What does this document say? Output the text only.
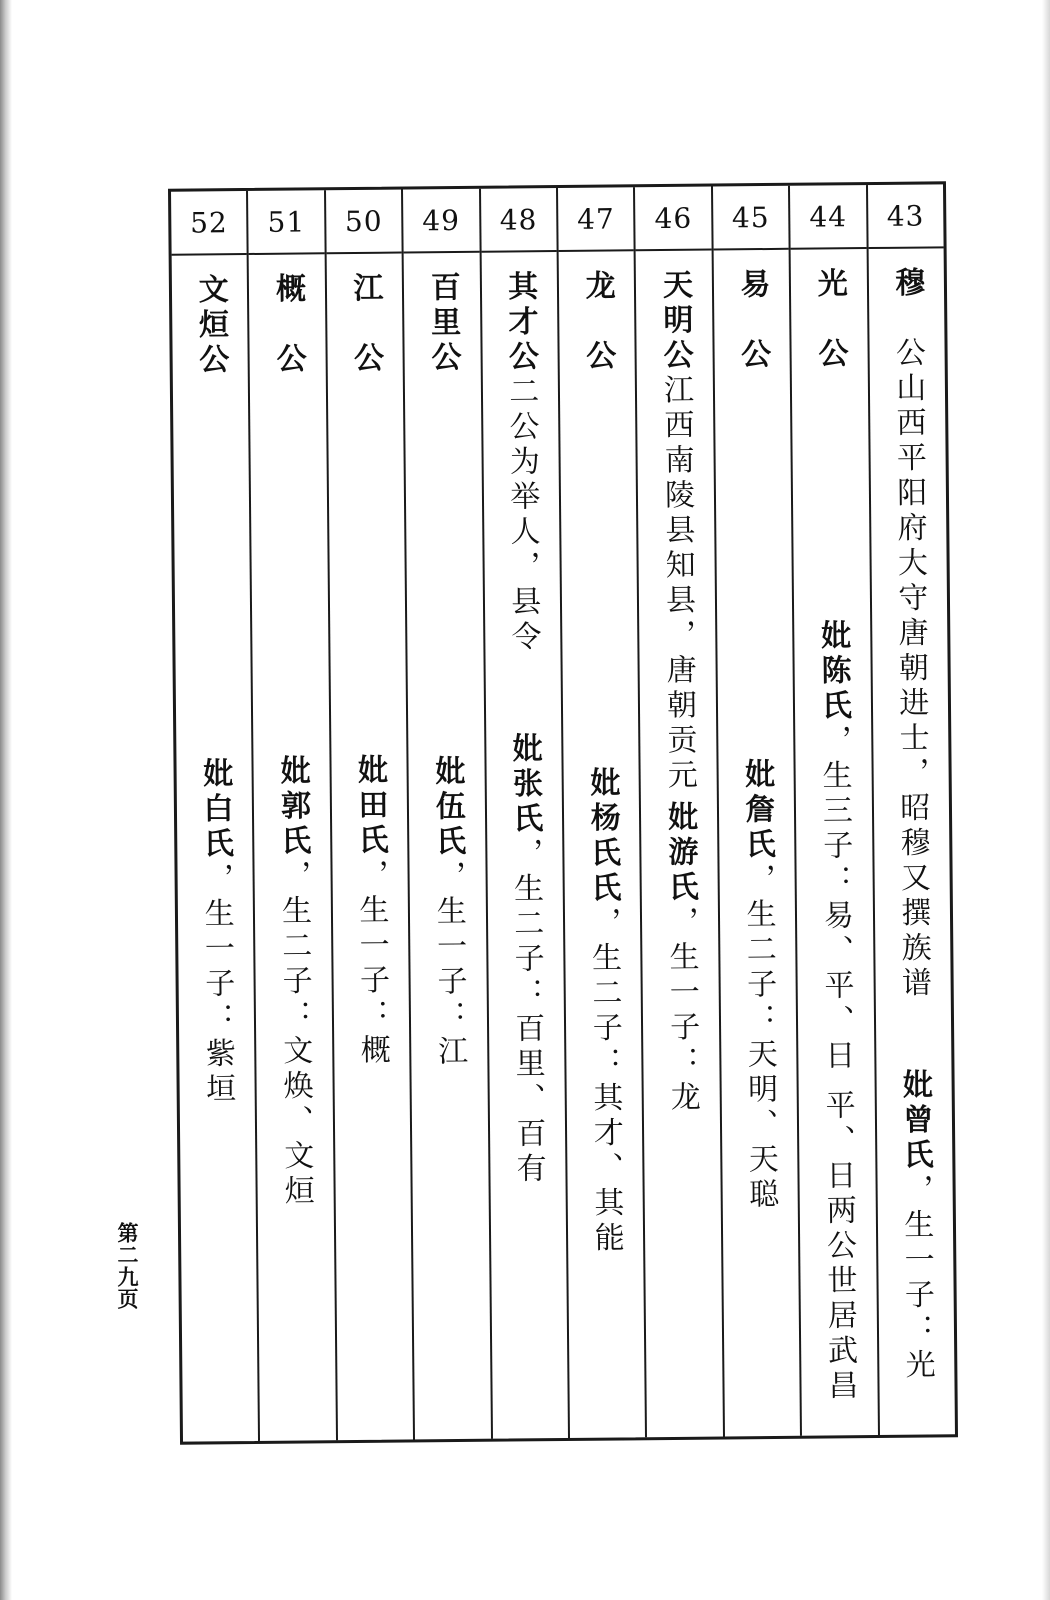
43
穆公山西平阳府大守唐朝进士，昭穆又撰族谱
妣曾氏，生一子：光
44
光公
妣陈氏，生三子：易、平、日
平、日两公世居武昌
45
易公
妣詹氏，生二子：天明、天聪
46
天明公江西南陵县知县，唐朝贡元
妣游氏，生一子：龙
47
龙公
妣杨氏氏，生二子：其才、其能
48
其才公二公为举人，县令
妣张氏，生二子：百里、百有
49
百里公
妣伍氏，生一子：江
50
江公
妣田氏，生一子：概
51
概公
妣郭氏，生二子：文焕、文烜
52
文烜公
妣白氏，生一子：紫垣
第二九页
